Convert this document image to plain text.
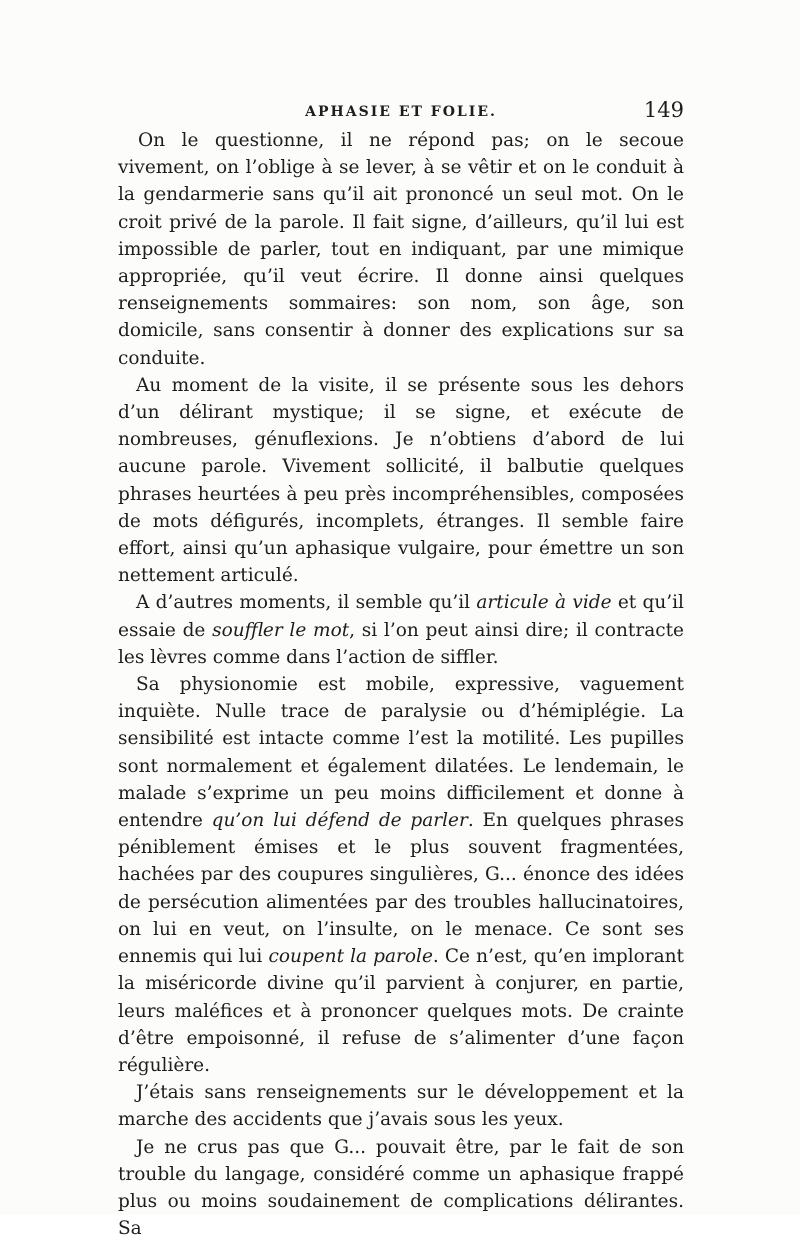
APHASIE ET FOLIE.	149

On le questionne, il ne répond pas; on le secoue vivement, on l’oblige à se lever, à se vêtir et on le conduit à la gendarmerie sans qu’il ait prononcé un seul mot. On le croit privé de la parole. Il fait signe, d’ailleurs, qu’il lui est impossible de parler, tout en indiquant, par une mimique appropriée, qu’il veut écrire. Il donne ainsi quelques renseignements sommaires: son nom, son âge, son domicile, sans consentir à donner des explications sur sa conduite.

Au moment de la visite, il se présente sous les dehors d’un délirant mystique; il se signe, et exécute de nombreuses, génuflexions. Je n’obtiens d’abord de lui aucune parole. Vivement sollicité, il balbutie quelques phrases heurtées à peu près incompréhensibles, composées de mots défigurés, incomplets, étranges. Il semble faire effort, ainsi qu’un aphasique vulgaire, pour émettre un son nettement articulé.

A d’autres moments, il semble qu’il articule à vide et qu’il essaie de souffler le mot, si l’on peut ainsi dire; il contracte les lèvres comme dans l’action de siffler.

Sa physionomie est mobile, expressive, vaguement inquiète. Nulle trace de paralysie ou d’hémiplégie. La sensibilité est intacte comme l’est la motilité. Les pupilles sont normalement et également dilatées. Le lendemain, le malade s’exprime un peu moins difficilement et donne à entendre qu’on lui défend de parler. En quelques phrases péniblement émises et le plus souvent fragmentées, hachées par des coupures singulières, G... énonce des idées de persécution alimentées par des troubles hallucinatoires, on lui en veut, on l’insulte, on le menace. Ce sont ses ennemis qui lui coupent la parole. Ce n’est, qu’en implorant la miséricorde divine qu’il parvient à conjurer, en partie, leurs maléfices et à prononcer quelques mots. De crainte d’être empoisonné, il refuse de s’alimenter d’une façon régulière.

J’étais sans renseignements sur le développement et la marche des accidents que j’avais sous les yeux.

Je ne crus pas que G... pouvait être, par le fait de son trouble du langage, considéré comme un aphasique frappé plus ou moins soudainement de complications délirantes. Sa
